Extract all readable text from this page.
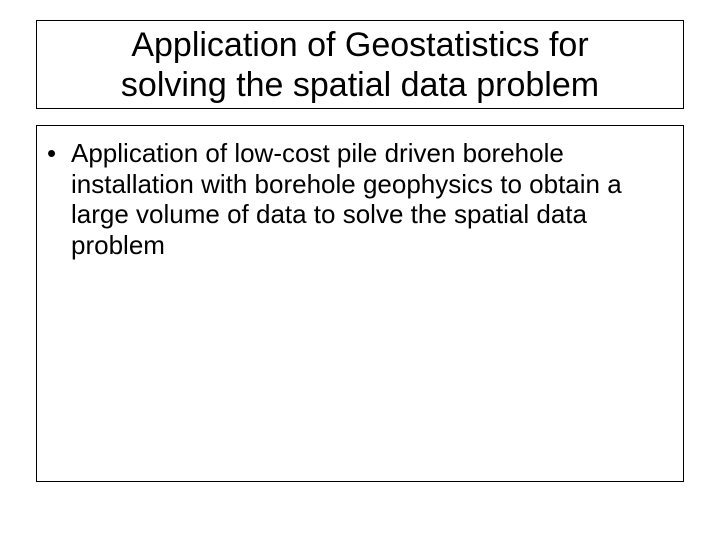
Application of Geostatistics for
solving the spatial data problem
• Application of low-cost pile driven borehole installation with borehole geophysics to obtain a large volume of data to solve the spatial data problem
